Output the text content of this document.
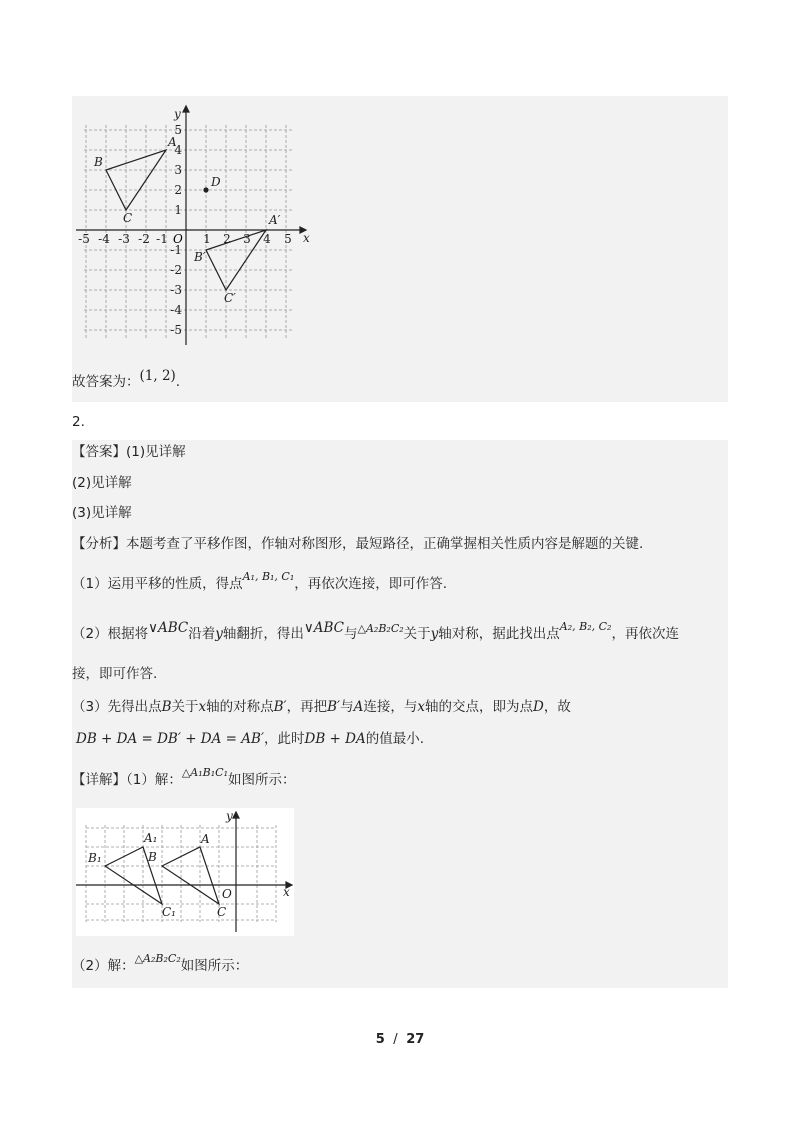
x
y
A
B
C
D
A′
B′
C′
O
-5 -4 -3 -2 -1	1 2 3 4 5
5
4
3
2
1
-1
-2
-3
-4
-5
故答案为：(1, 2).
2.
【答案】(1)见详解
(2)见详解
(3)见详解
【分析】本题考查了平移作图，作轴对称图形，最短路径，正确掌握相关性质内容是解题的关键.
（1）运用平移的性质，得点$^{A_1, B_1, C_1}$，再依次连接，即可作答.
（2）根据将∨ABC沿着y轴翻折，得出∨ABC与$^{\triangle A_2B_2C_2}$关于y轴对称，据此找出点$^{A_2, B_2, C_2}$，再依次连
接，即可作答.
（3）先得出点B关于x轴的对称点B′，再把B′与A连接，与x轴的交点，即为点D，故
DB + DA = DB′ + DA = AB′，此时DB + DA的值最小.
【详解】（1）解：$^{\triangle A_1B_1C_1}$如图所示：
x
y
O
A
B
C
A₁
B₁
C₁
（2）解：$^{\triangle A_2B_2C_2}$如图所示：
5 / 27
